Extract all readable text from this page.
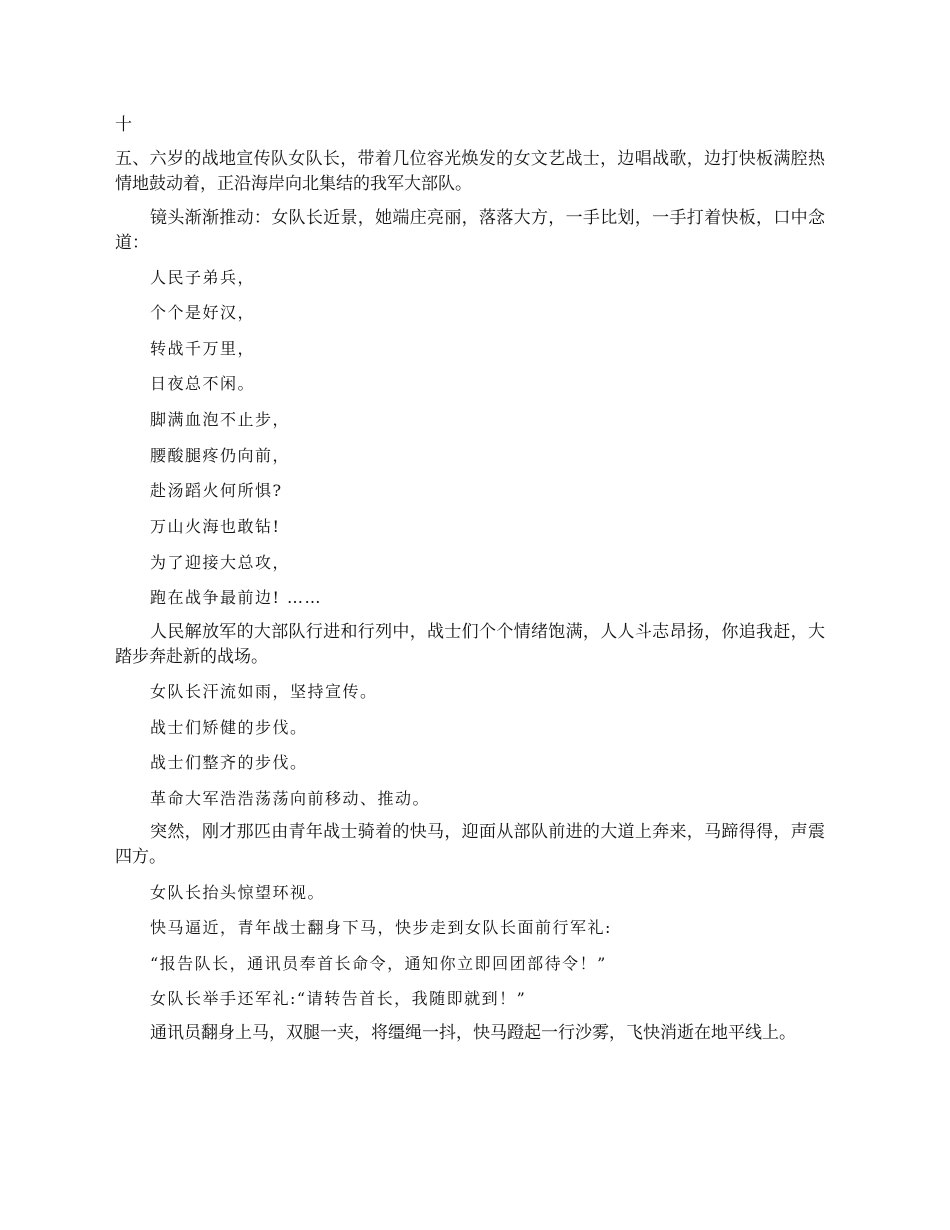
十

五、六岁的战地宣传队女队长，带着几位容光焕发的女文艺战士，边唱战歌，边打快板满腔热情地鼓动着，正沿海岸向北集结的我军大部队。

镜头渐渐推动：女队长近景，她端庄亮丽，落落大方，一手比划，一手打着快板，口中念道：

人民子弟兵，

个个是好汉，

转战千万里，

日夜总不闲。

脚满血泡不止步，

腰酸腿疼仍向前，

赴汤蹈火何所惧?

万山火海也敢钻!

为了迎接大总攻，

跑在战争最前边! ……

人民解放军的大部队行进和行列中，战士们个个情绪饱满，人人斗志昂扬，你追我赶，大踏步奔赴新的战场。

女队长汗流如雨，坚持宣传。

战士们矫健的步伐。

战士们整齐的步伐。

革命大军浩浩荡荡向前移动、推动。

突然，刚才那匹由青年战士骑着的快马，迎面从部队前进的大道上奔来，马蹄得得，声震四方。

女队长抬头惊望环视。

快马逼近，青年战士翻身下马，快步走到女队长面前行军礼:

“报告队长，通讯员奉首长命令，通知你立即回团部待令！”

女队长举手还军礼:“请转告首长，我随即就到！”

通讯员翻身上马，双腿一夹，将缰绳一抖，快马蹬起一行沙雾，飞快消逝在地平线上。
